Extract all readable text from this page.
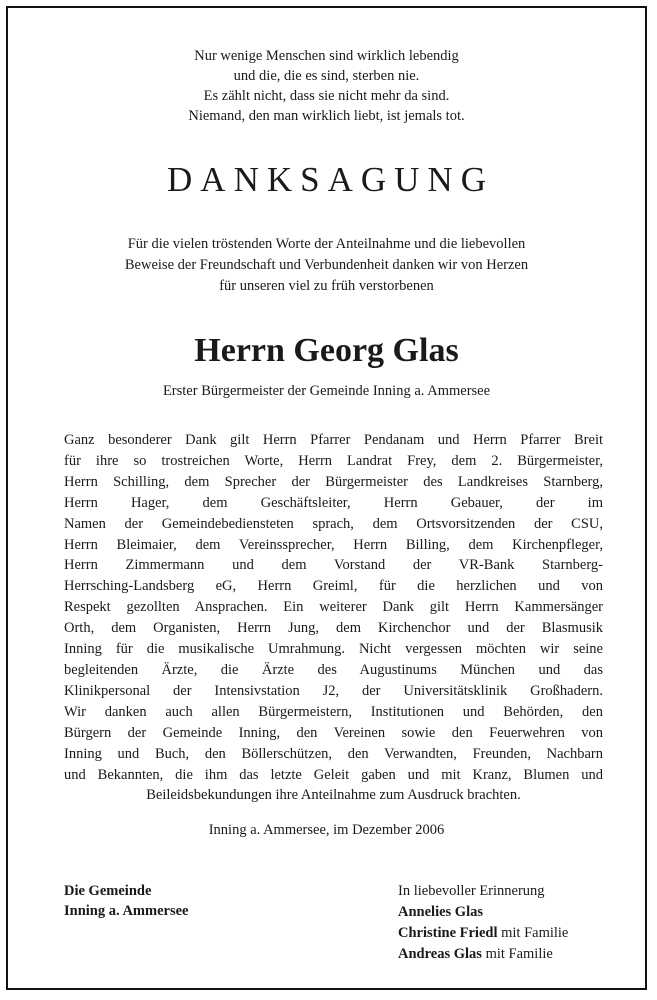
Nur wenige Menschen sind wirklich lebendig
und die, die es sind, sterben nie.
Es zählt nicht, dass sie nicht mehr da sind.
Niemand, den man wirklich liebt, ist jemals tot.
DANKSAGUNG
Für die vielen tröstenden Worte der Anteilnahme und die liebevollen
Beweise der Freundschaft und Verbundenheit danken wir von Herzen
für unseren viel zu früh verstorbenen
Herrn Georg Glas
Erster Bürgermeister der Gemeinde Inning a. Ammersee
Ganz besonderer Dank gilt Herrn Pfarrer Pendanam und Herrn Pfarrer Breit
für ihre so trostreichen Worte, Herrn Landrat Frey, dem 2. Bürgermeister,
Herrn Schilling, dem Sprecher der Bürgermeister des Landkreises Starnberg,
Herrn Hager, dem Geschäftsleiter, Herrn Gebauer, der im
Namen der Gemeindebediensteten sprach, dem Ortsvorsitzenden der CSU,
Herrn Bleimaier, dem Vereinssprecher, Herrn Billing, dem Kirchenpfleger,
Herrn Zimmermann und dem Vorstand der VR-Bank Starnberg-
Herrsching-Landsberg eG, Herrn Greiml, für die herzlichen und von
Respekt gezollten Ansprachen. Ein weiterer Dank gilt Herrn Kammersänger
Orth, dem Organisten, Herrn Jung, dem Kirchenchor und der Blasmusik
Inning für die musikalische Umrahmung. Nicht vergessen möchten wir seine
begleitenden Ärzte, die Ärzte des Augustinums München und das
Klinikpersonal der Intensivstation J2, der Universitätsklinik Großhadern.
Wir danken auch allen Bürgermeistern, Institutionen und Behörden, den
Bürgern der Gemeinde Inning, den Vereinen sowie den Feuerwehren von
Inning und Buch, den Böllerschützen, den Verwandten, Freunden, Nachbarn
und Bekannten, die ihm das letzte Geleit gaben und mit Kranz, Blumen und
Beileidsbekundungen ihre Anteilnahme zum Ausdruck brachten.
Inning a. Ammersee, im Dezember 2006
Die Gemeinde
Inning a. Ammersee
In liebevoller Erinnerung
Annelies Glas
Christine Friedl mit Familie
Andreas Glas mit Familie
